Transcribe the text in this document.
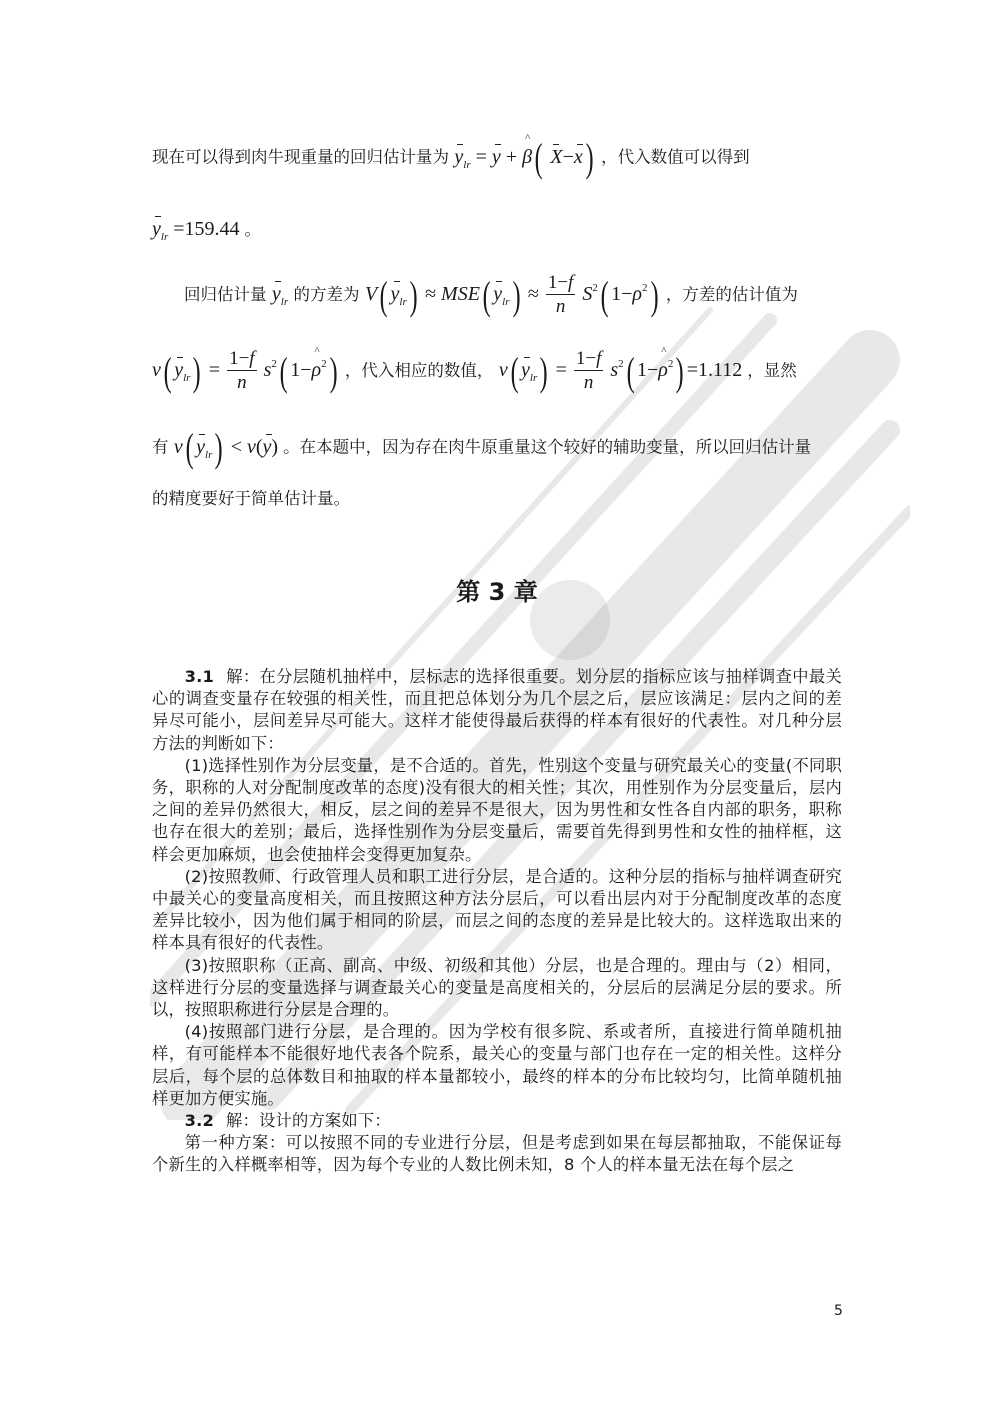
现在可以得到肉牛现重量的回归估计量为 $y_{lr} = y$ + ^ β( X−x) ，代入数值可以得到
$y_{lr} =159.44$ 。
回归估计量 $y_{lr}$ 的方差为 V( $y_{lr}) \approx MSE$( $y_{lr}) \approx \frac{1-f}{n} S^2$( $1-\rho^2$) ，方差的估计值为
v( $y_{lr}) = \frac{1-f}{n} s^2$( 1−^ $\rho^2$) ，代入相应的数值， v( $y_{lr}) = \frac{1-f}{n} s^2$( 1−^ $\rho^2) =1.112$ ，显然
有 v( $y_{lr}) < v(y)$ 。在本题中，因为存在肉牛原重量这个较好的辅助变量，所以回归估计量
的精度要好于简单估计量。
第 3 章

3.1 解：在分层随机抽样中，层标志的选择很重要。划分层的指标应该与抽样调查中最关心的调查变量存在较强的相关性，而且把总体划分为几个层之后，层应该满足：层内之间的差异尽可能小，层间差异尽可能大。这样才能使得最后获得的样本有很好的代表性。对几种分层方法的判断如下：

(1)选择性别作为分层变量，是不合适的。首先，性别这个变量与研究最关心的变量(不同职务，职称的人对分配制度改革的态度)没有很大的相关性；其次，用性别作为分层变量后，层内之间的差异仍然很大，相反，层之间的差异不是很大，因为男性和女性各自内部的职务，职称也存在很大的差别；最后，选择性别作为分层变量后，需要首先得到男性和女性的抽样框，这样会更加麻烦，也会使抽样会变得更加复杂。

(2)按照教师、行政管理人员和职工进行分层，是合适的。这种分层的指标与抽样调查研究中最关心的变量高度相关，而且按照这种方法分层后，可以看出层内对于分配制度改革的态度差异比较小，因为他们属于相同的阶层，而层之间的态度的差异是比较大的。这样选取出来的样本具有很好的代表性。

(3)按照职称（正高、副高、中级、初级和其他）分层，也是合理的。理由与（2）相同，这样进行分层的变量选择与调查最关心的变量是高度相关的，分层后的层满足分层的要求。所以，按照职称进行分层是合理的。

(4)按照部门进行分层，是合理的。因为学校有很多院、系或者所，直接进行简单随机抽样，有可能样本不能很好地代表各个院系，最关心的变量与部门也存在一定的相关性。这样分层后，每个层的总体数目和抽取的样本量都较小，最终的样本的分布比较均匀，比简单随机抽样更加方便实施。

3.2 解：设计的方案如下：

第一种方案：可以按照不同的专业进行分层，但是考虑到如果在每层都抽取，不能保证每个新生的入样概率相等，因为每个专业的人数比例未知，8 个人的样本量无法在每个层之

5
